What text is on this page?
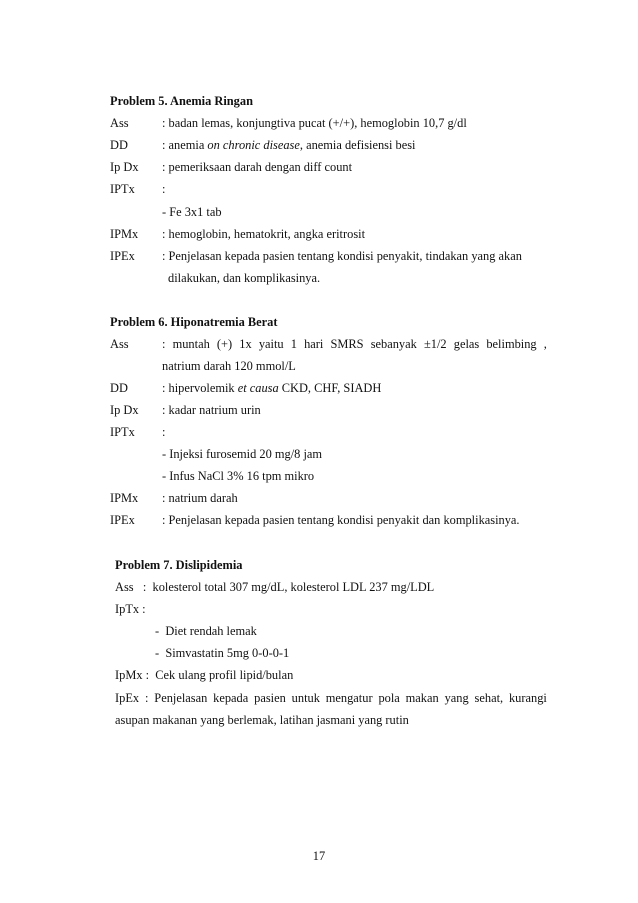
Problem 5. Anemia Ringan
Ass	: badan lemas, konjungtiva pucat (+/+), hemoglobin 10,7 g/dl
DD	: anemia on chronic disease, anemia defisiensi besi
Ip Dx : pemeriksaan darah dengan diff count
IPTx :
- Fe 3x1 tab
IPMx : hemoglobin, hematokrit, angka eritrosit
IPEx : Penjelasan kepada pasien tentang kondisi penyakit, tindakan yang akan
dilakukan, dan komplikasinya.
Problem 6. Hiponatremia Berat
Ass	: muntah (+) 1x yaitu 1 hari SMRS sebanyak ±1/2 gelas belimbing ,
natrium darah 120 mmol/L
DD	: hipervolemik et causa CKD, CHF, SIADH
Ip Dx : kadar natrium urin
IPTx :
- Injeksi furosemid 20 mg/8 jam
- Infus NaCl 3% 16 tpm mikro
IPMx : natrium darah
IPEx : Penjelasan kepada pasien tentang kondisi penyakit dan komplikasinya.
Problem 7. Dislipidemia
Ass   :  kolesterol total 307 mg/dL, kolesterol LDL 237 mg/LDL
IpTx :
-  Diet rendah lemak
-  Simvastatin 5mg 0-0-0-1
IpMx :  Cek ulang profil lipid/bulan
IpEx : Penjelasan kepada pasien untuk mengatur pola makan yang sehat, kurangi
asupan makanan yang berlemak, latihan jasmani yang rutin
17
